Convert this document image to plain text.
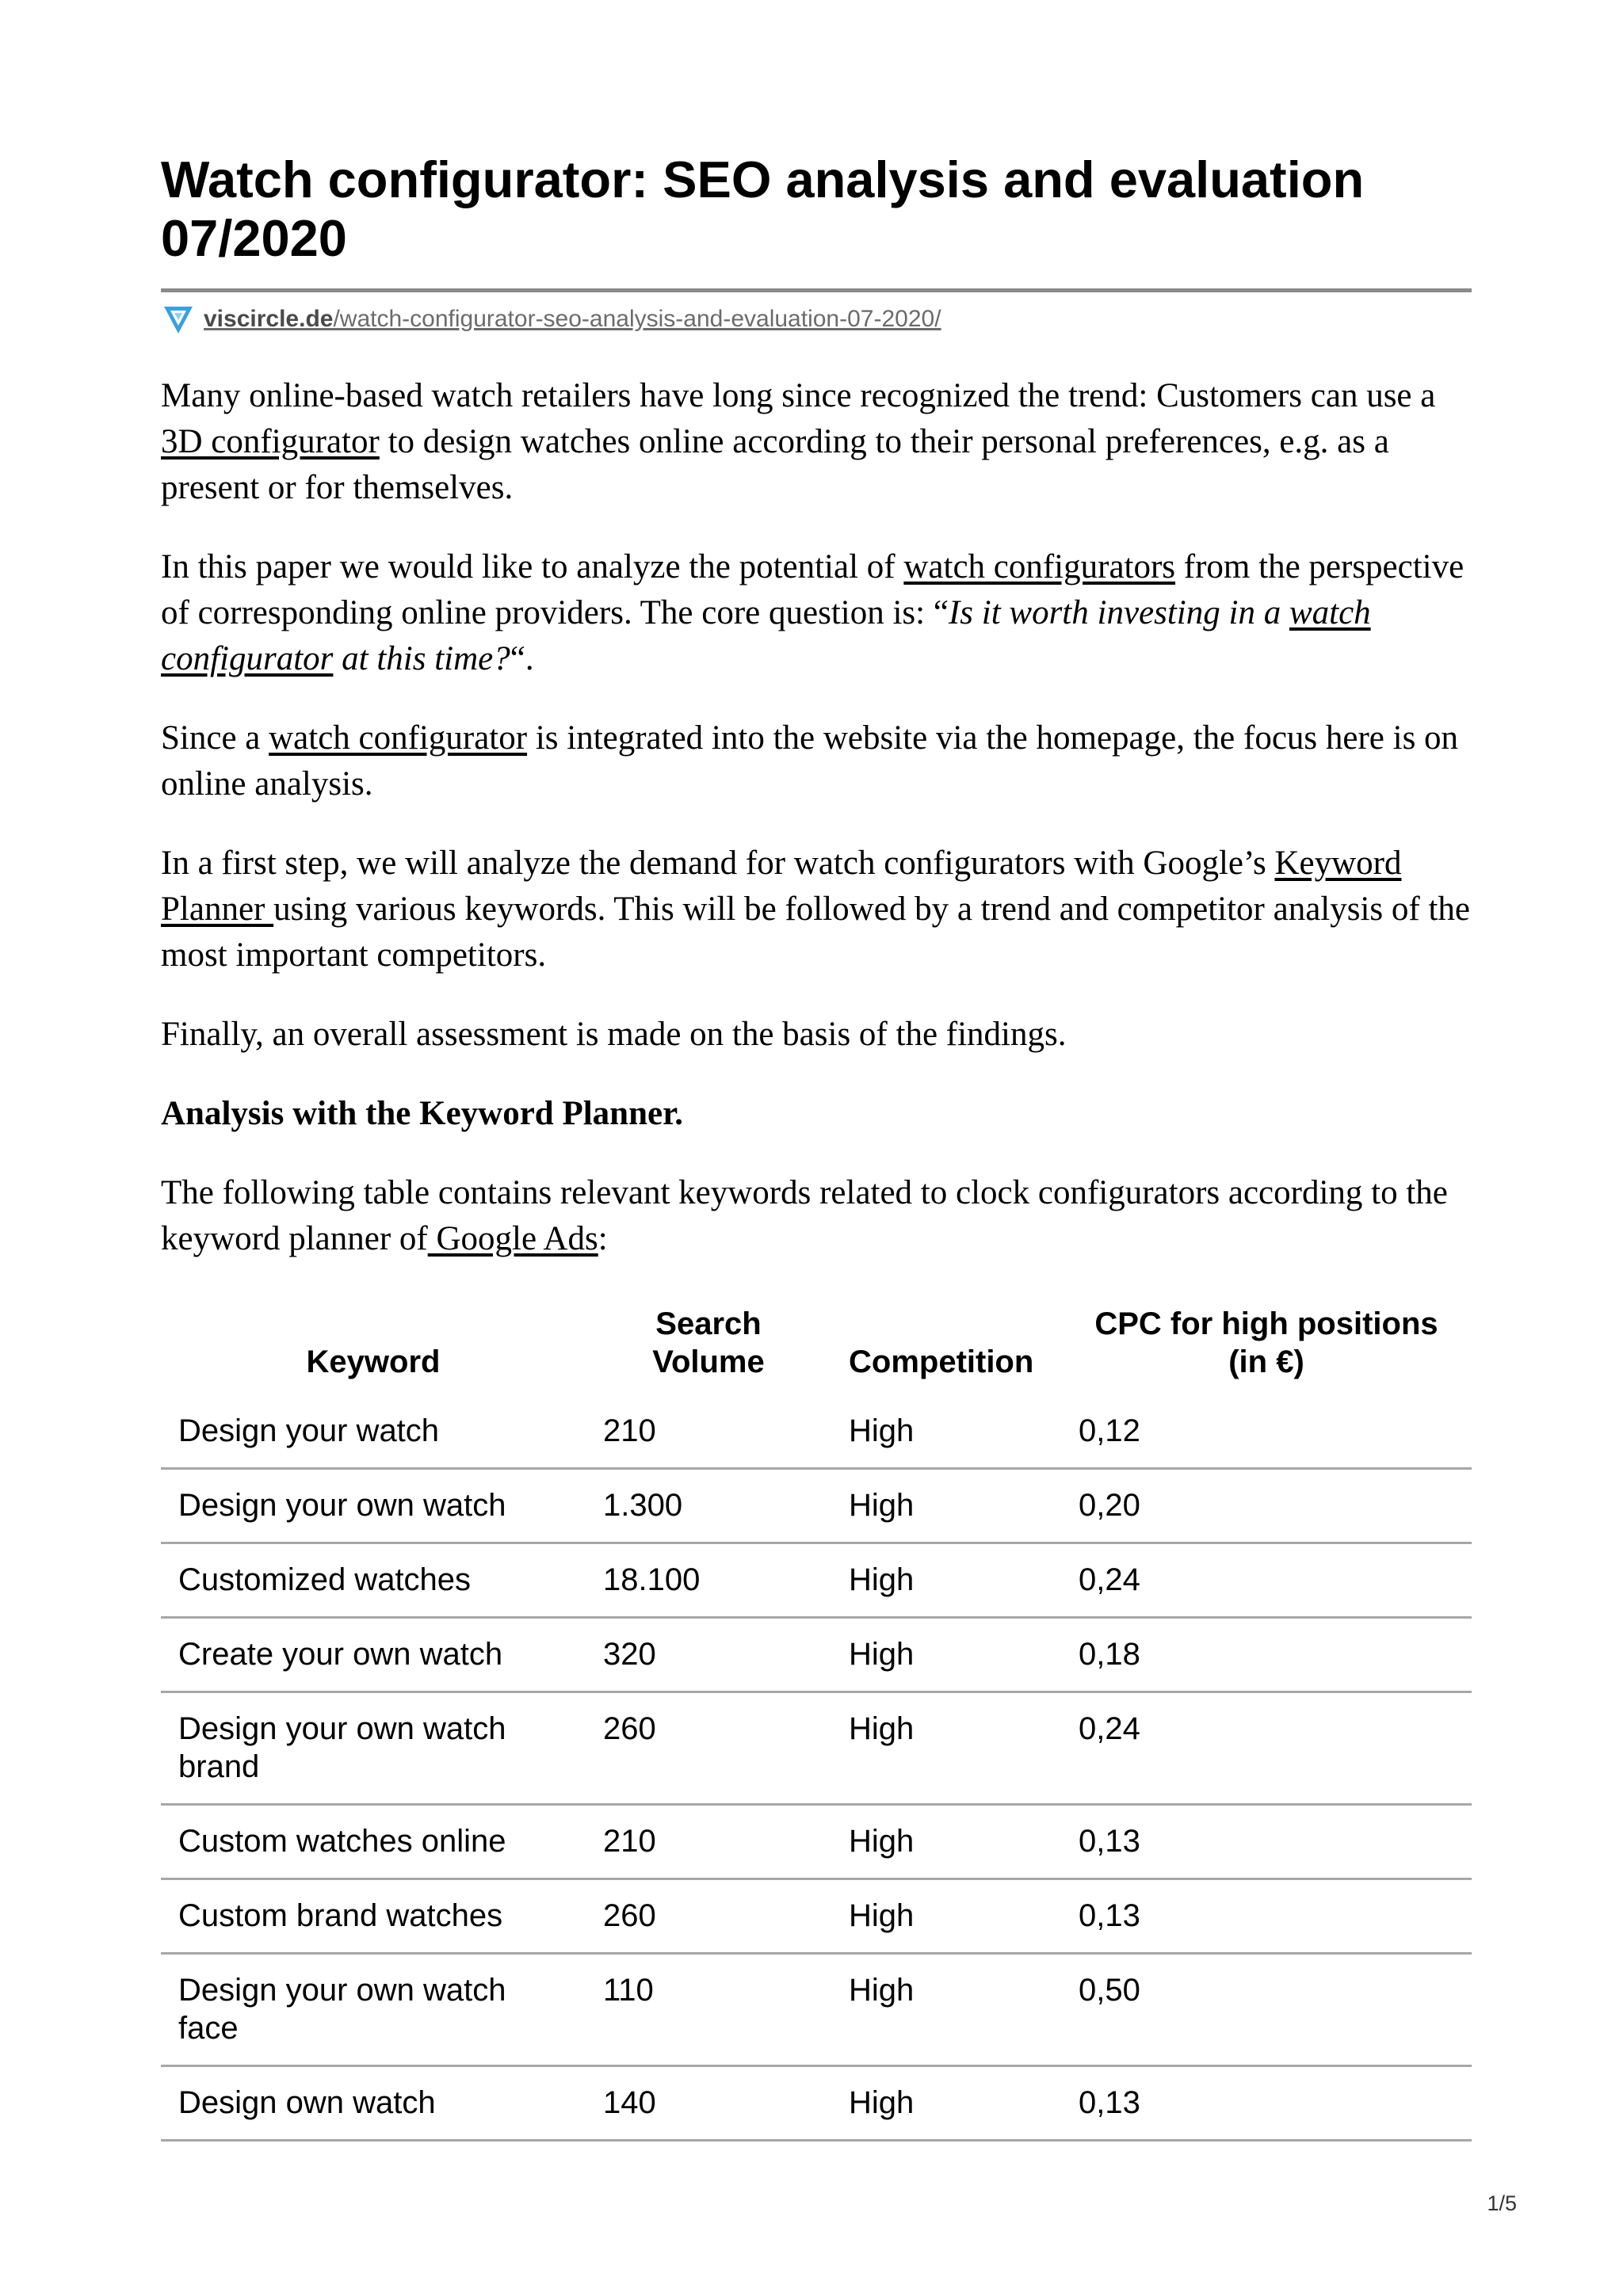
Watch configurator: SEO analysis and evaluation 07/2020
viscircle.de/watch-configurator-seo-analysis-and-evaluation-07-2020/

Many online-based watch retailers have long since recognized the trend: Customers can use a 3D configurator to design watches online according to their personal preferences, e.g. as a present or for themselves.

In this paper we would like to analyze the potential of watch configurators from the perspective of corresponding online providers. The core question is: “Is it worth investing in a watch configurator at this time?“.

Since a watch configurator is integrated into the website via the homepage, the focus here is on online analysis.

In a first step, we will analyze the demand for watch configurators with Google’s Keyword Planner using various keywords. This will be followed by a trend and competitor analysis of the most important competitors.

Finally, an overall assessment is made on the basis of the findings.

Analysis with the Keyword Planner.

The following table contains relevant keywords related to clock configurators according to the keyword planner of Google Ads:

Keyword	Search Volume	Competition	CPC for high positions (in €)
Design your watch	210	High	0,12
Design your own watch	1.300	High	0,20
Customized watches	18.100	High	0,24
Create your own watch	320	High	0,18
Design your own watch brand	260	High	0,24
Custom watches online	210	High	0,13
Custom brand watches	260	High	0,13
Design your own watch face	110	High	0,50
Design own watch	140	High	0,13
1/5
